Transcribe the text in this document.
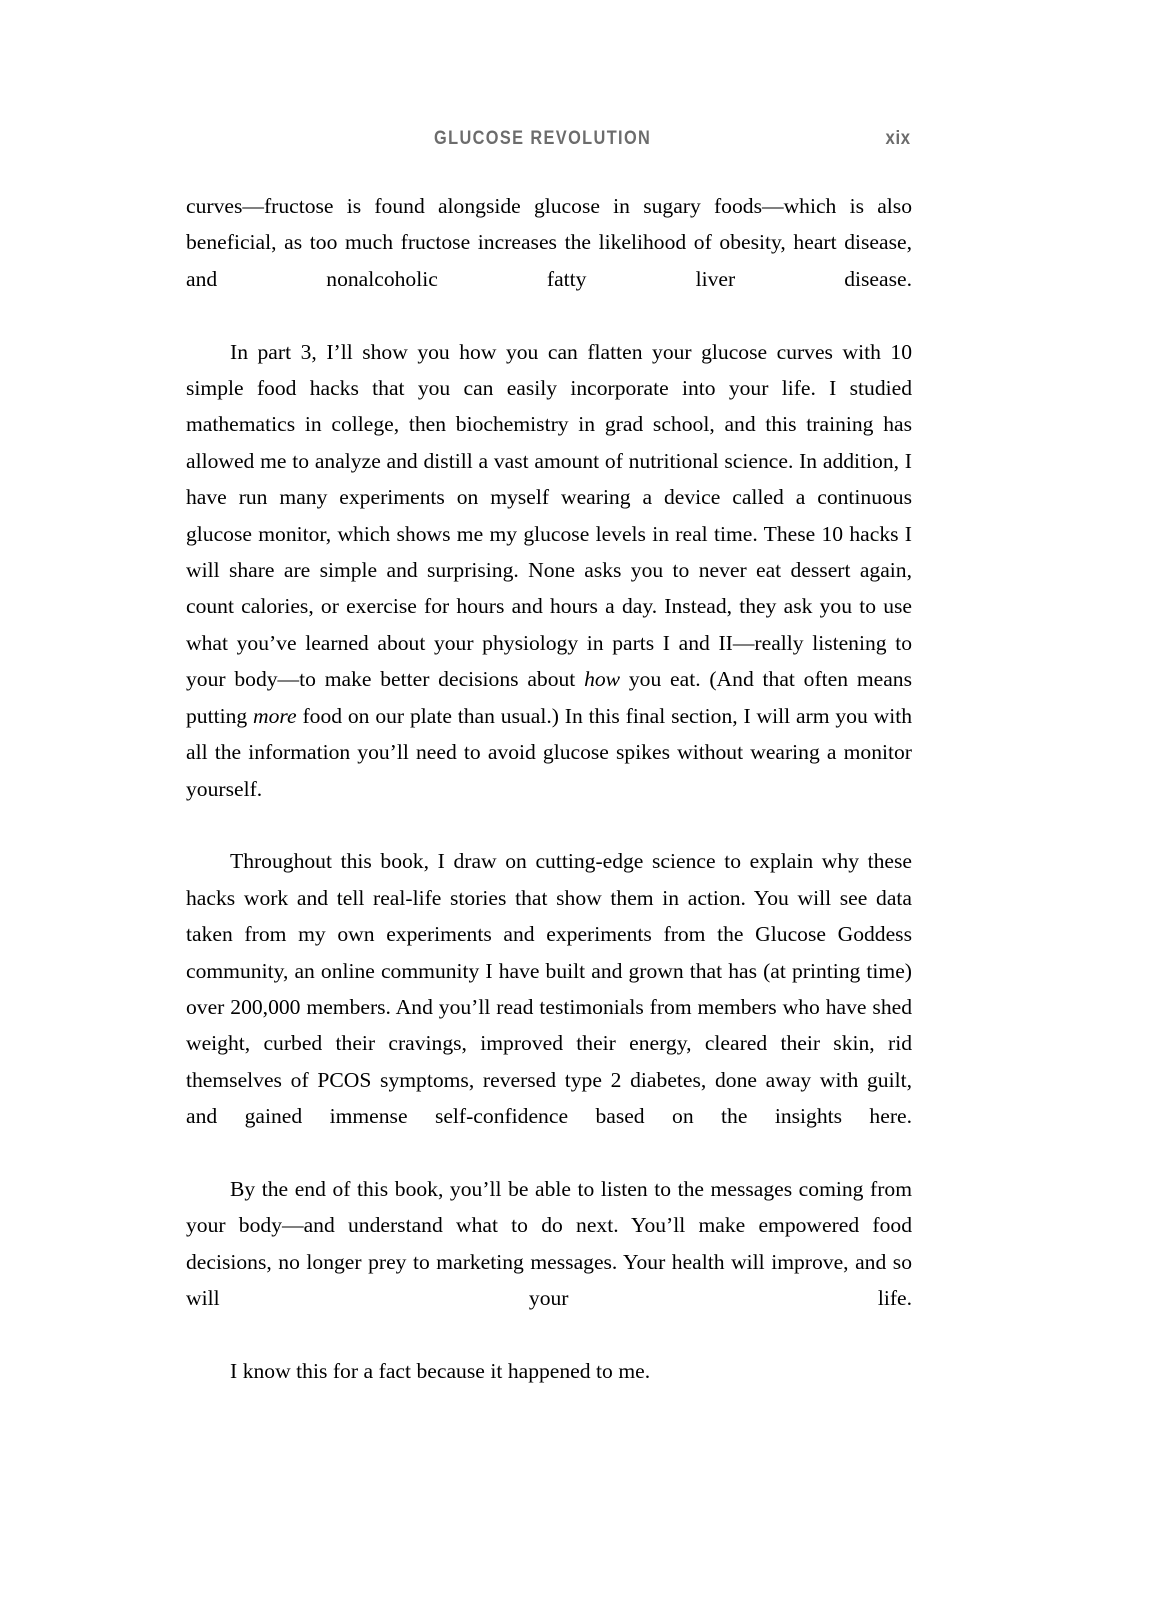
GLUCOSE REVOLUTION	xix

curves—fructose is found alongside glucose in sugary foods—which is also beneficial, as too much fructose increases the likelihood of obesity, heart disease, and nonalcoholic fatty liver disease.

In part 3, I’ll show you how you can flatten your glucose curves with 10 simple food hacks that you can easily incorporate into your life. I studied mathematics in college, then biochemistry in grad school, and this training has allowed me to analyze and distill a vast amount of nutritional science. In addition, I have run many experiments on myself wearing a device called a continuous glucose monitor, which shows me my glucose levels in real time. These 10 hacks I will share are simple and surprising. None asks you to never eat dessert again, count calories, or exercise for hours and hours a day. Instead, they ask you to use what you’ve learned about your physiology in parts I and II—really listening to your body—to make better decisions about how you eat. (And that often means putting more food on our plate than usual.) In this final section, I will arm you with all the information you’ll need to avoid glucose spikes without wearing a monitor yourself.

Throughout this book, I draw on cutting-edge science to explain why these hacks work and tell real-life stories that show them in action. You will see data taken from my own experiments and experiments from the Glucose Goddess community, an online community I have built and grown that has (at printing time) over 200,000 members. And you’ll read testimonials from members who have shed weight, curbed their cravings, improved their energy, cleared their skin, rid themselves of PCOS symptoms, reversed type 2 diabetes, done away with guilt, and gained immense self-confidence based on the insights here.

By the end of this book, you’ll be able to listen to the messages coming from your body—and understand what to do next. You’ll make empowered food decisions, no longer prey to marketing messages. Your health will improve, and so will your life.

I know this for a fact because it happened to me.
